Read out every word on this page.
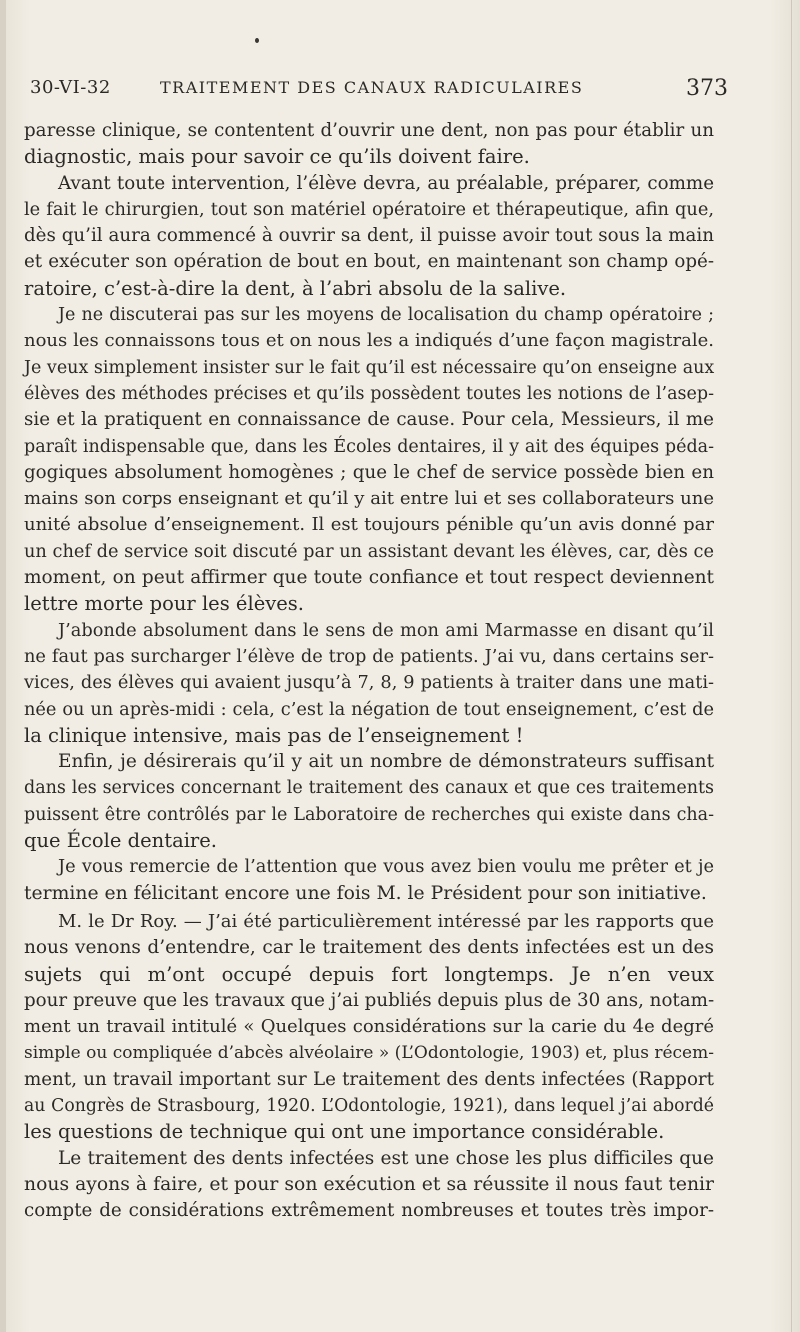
30-VI-32	TRAITEMENT DES CANAUX RADICULAIRES	373
paresse clinique, se contentent d’ouvrir une dent, non pas pour établir un
diagnostic, mais pour savoir ce qu’ils doivent faire.
Avant toute intervention, l’élève devra, au préalable, préparer, comme
le fait le chirurgien, tout son matériel opératoire et thérapeutique, afin que,
dès qu’il aura commencé à ouvrir sa dent, il puisse avoir tout sous la main
et exécuter son opération de bout en bout, en maintenant son champ opé-
ratoire, c’est-à-dire la dent, à l’abri absolu de la salive.
Je ne discuterai pas sur les moyens de localisation du champ opératoire ;
nous les connaissons tous et on nous les a indiqués d’une façon magistrale.
Je veux simplement insister sur le fait qu’il est nécessaire qu’on enseigne aux
élèves des méthodes précises et qu’ils possèdent toutes les notions de l’asep-
sie et la pratiquent en connaissance de cause. Pour cela, Messieurs, il me
paraît indispensable que, dans les Écoles dentaires, il y ait des équipes péda-
gogiques absolument homogènes ; que le chef de service possède bien en
mains son corps enseignant et qu’il y ait entre lui et ses collaborateurs une
unité absolue d’enseignement. Il est toujours pénible qu’un avis donné par
un chef de service soit discuté par un assistant devant les élèves, car, dès ce
moment, on peut affirmer que toute confiance et tout respect deviennent
lettre morte pour les élèves.
J’abonde absolument dans le sens de mon ami Marmasse en disant qu’il
ne faut pas surcharger l’élève de trop de patients. J’ai vu, dans certains ser-
vices, des élèves qui avaient jusqu’à 7, 8, 9 patients à traiter dans une mati-
née ou un après-midi : cela, c’est la négation de tout enseignement, c’est de
la clinique intensive, mais pas de l’enseignement !
Enfin, je désirerais qu’il y ait un nombre de démonstrateurs suffisant
dans les services concernant le traitement des canaux et que ces traitements
puissent être contrôlés par le Laboratoire de recherches qui existe dans cha-
que École dentaire.
Je vous remercie de l’attention que vous avez bien voulu me prêter et je
termine en félicitant encore une fois M. le Président pour son initiative.
M. le Dr Roy. — J’ai été particulièrement intéressé par les rapports que
nous venons d’entendre, car le traitement des dents infectées est un des
sujets qui m’ont occupé depuis fort longtemps. Je n’en veux
pour preuve que les travaux que j’ai publiés depuis plus de 30 ans, notam-
ment un travail intitulé « Quelques considérations sur la carie du 4e degré
simple ou compliquée d’abcès alvéolaire » (L’Odontologie, 1903) et, plus récem-
ment, un travail important sur Le traitement des dents infectées (Rapport
au Congrès de Strasbourg, 1920. L’Odontologie, 1921), dans lequel j’ai abordé
les questions de technique qui ont une importance considérable.
Le traitement des dents infectées est une chose les plus difficiles que
nous ayons à faire, et pour son exécution et sa réussite il nous faut tenir
compte de considérations extrêmement nombreuses et toutes très impor-
